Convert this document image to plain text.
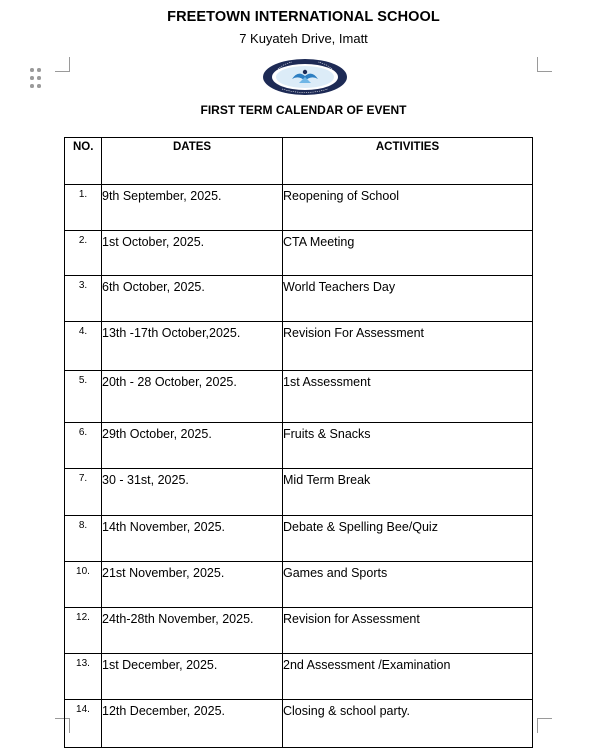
FREETOWN INTERNATIONAL SCHOOL
7 Kuyateh Drive, Imatt
FIRST TERM CALENDAR OF EVENT
NO.	DATES	ACTIVITIES
1.	9th September, 2025.	Reopening of School
2.	1st October, 2025.	CTA Meeting
3.	6th October, 2025.	World Teachers Day
4.	13th -17th October,2025.	Revision For Assessment
5.	20th - 28 October, 2025.	1st Assessment
6.	29th October, 2025.	Fruits & Snacks
7.	30 - 31st, 2025.	Mid Term Break
8.	14th November, 2025.	Debate & Spelling Bee/Quiz
10.	21st November, 2025.	Games and Sports
12.	24th-28th November, 2025.	Revision for Assessment
13.	1st December, 2025.	2nd Assessment /Examination
14.	12th December, 2025.	Closing & school party.
